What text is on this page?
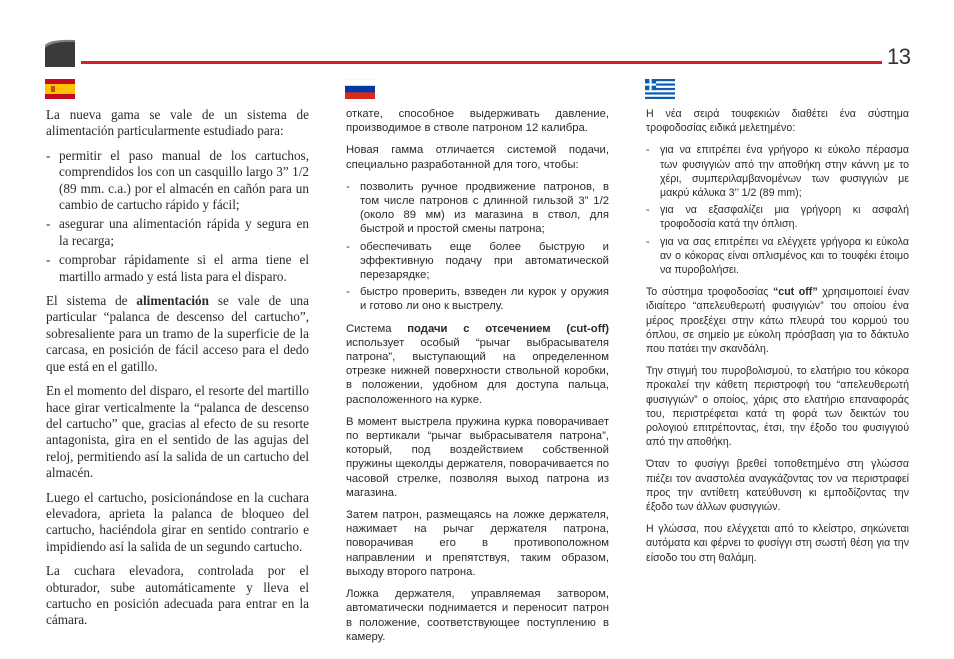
13

La nueva gama se vale de un sistema de alimentación particularmente estudiado para:

- permitir el paso manual de los cartuchos, comprendidos los con un casquillo largo 3” 1/2 (89 mm. c.a.) por el almacén en cañón para un cambio de cartucho rápido y fácil;
- asegurar una alimentación rápida y segura en la recarga;
- comprobar rápidamente si el arma tiene el martillo armado y está lista para el disparo.

El sistema de alimentación se vale de una particular “palanca de descenso del cartucho”, sobresaliente para un tramo de la superficie de la carcasa, en posición de fácil acceso para el dedo que está en el gatillo.

En el momento del disparo, el resorte del martillo hace girar verticalmente la “palanca de descenso del cartucho” que, gracias al efecto de su resorte antagonista, gira en el sentido de las agujas del reloj, permitiendo así la salida de un cartucho del almacén.

Luego el cartucho, posicionándose en la cuchara elevadora, aprieta la palanca de bloqueo del cartucho, haciéndola girar en sentido contrario e impidiendo así la salida de un segundo cartucho.

La cuchara elevadora, controlada por el obturador, sube automáticamente y lleva el cartucho en posición adecuada para entrar en la cámara.

откате, способное выдерживать давление, производимое в стволе патроном 12 калибра.

Новая гамма отличается системой подачи, специально разработанной для того, чтобы:

- позволить ручное продвижение патронов, в том числе патронов с длинной гильзой 3” 1/2 (около 89 мм) из магазина в ствол, для быстрой и простой смены патрона;
- обеспечивать еще более быструю и эффективную подачу при автоматической перезарядке;
- быстро проверить, взведен ли курок у оружия и готово ли оно к выстрелу.

Система подачи с отсечением (cut-off) использует особый “рычаг выбрасывателя патрона”, выступающий на определенном отрезке нижней поверхности ствольной коробки, в положении, удобном для доступа пальца, расположенного на курке.

В момент выстрела пружина курка поворачивает по вертикали “рычаг выбрасывателя патрона”, который, под воздействием собственной пружины щеколды держателя, поворачивается по часовой стрелке, позволяя выход патрона из магазина.

Затем патрон, размещаясь на ложке держателя, нажимает на рычаг держателя патрона, поворачивая его в противоположном направлении и препятствуя, таким образом, выходу второго патрона.

Ложка держателя, управляемая затвором, автоматически поднимается и переносит патрон в положение, соответствующее поступлению в камеру.

Η νέα σειρά τουφεκιών διαθέτει ένα σύστημα τροφοδοσίας ειδικά μελετημένο:

- για να επιτρέπει ένα γρήγορο κι εύκολο πέρασμα των φυσιγγιών από την αποθήκη στην κάννη με το χέρι, συμπεριλαμβανομένων των φυσιγγιών με μακρύ κάλυκα 3’’ 1/2 (89 mm);
- για να εξασφαλίζει μια γρήγορη κι ασφαλή τροφοδοσία κατά την όπλιση.
- για να σας επιτρέπει να ελέγχετε γρήγορα κι εύκολα αν ο κόκορας είναι οπλισμένος και το τουφέκι έτοιμο να πυροβολήσει.

Το σύστημα τροφοδοσίας “cut off” χρησιμοποιεί έναν ιδιαίτερο “απελευθερωτή φυσιγγιών” του οποίου ένα μέρος προεξέχει στην κάτω πλευρά του κορμού του όπλου, σε σημείο με εύκολη πρόσβαση για το δάκτυλο που πατάει την σκανδάλη.

Την στιγμή του πυροβολισμού, το ελατήριο του κόκορα προκαλεί την κάθετη περιστροφή του “απελευθερωτή φυσιγγιών” ο οποίος, χάρις στο ελατήριο επαναφοράς του, περιστρέφεται κατά τη φορά των δεικτών του ρολογιού επιτρέποντας, έτσι, την έξοδο του φυσιγγιού από την αποθήκη.

Όταν το φυσίγγι βρεθεί τοποθετημένο στη γλώσσα πιέζει τον αναστολέα αναγκάζοντας τον να περιστραφεί προς την αντίθετη κατεύθυνση κι εμποδίζοντας την έξοδο των άλλων φυσιγγιών.

Η γλώσσα, που ελέγχεται από το κλείστρο, σηκώνεται αυτόματα και φέρνει το φυσίγγι στη σωστή θέση για την είσοδο του στη θαλάμη.
